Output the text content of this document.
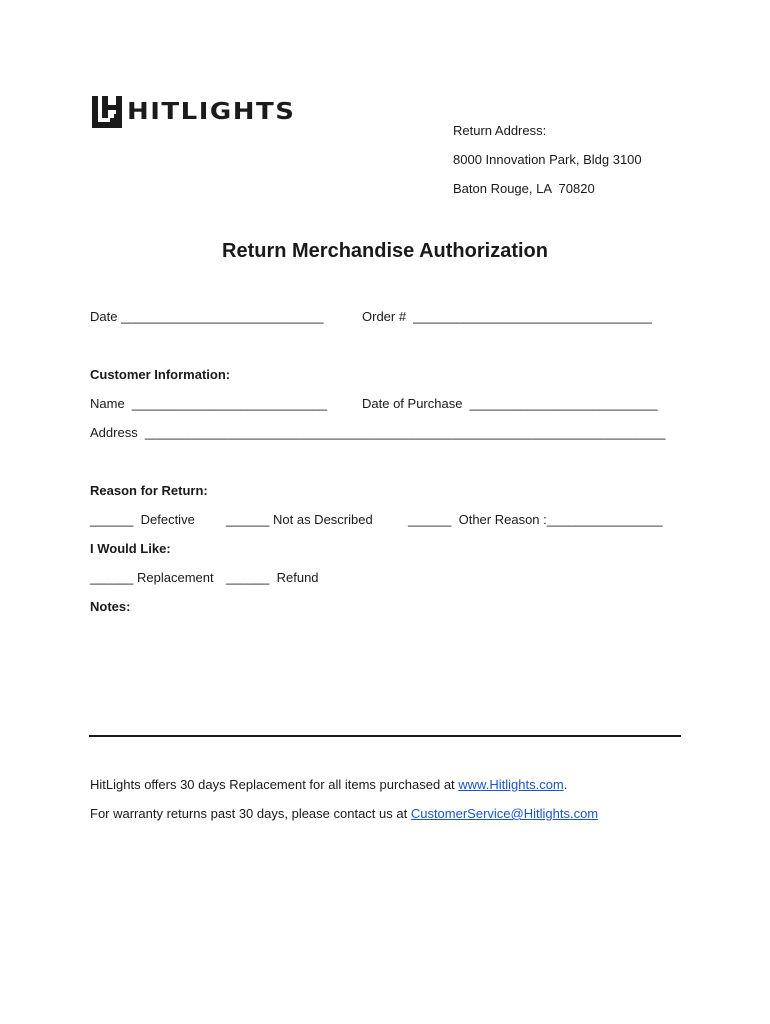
HITLIGHTS
Return Address:
8000 Innovation Park, Bldg 3100
Baton Rouge, LA  70820
Return Merchandise Authorization
Date ____________________________	Order #  _________________________________
Customer Information:
Name  ___________________________	Date of Purchase  __________________________
Address  ________________________________________________________________________
Reason for Return:
______  Defective ______ Not as Described	______  Other Reason :________________
I Would Like:
______ Replacement ______  Refund
Notes:
HitLights offers 30 days Replacement for all items purchased at www.Hitlights.com.
For warranty returns past 30 days, please contact us at CustomerService@Hitlights.com
